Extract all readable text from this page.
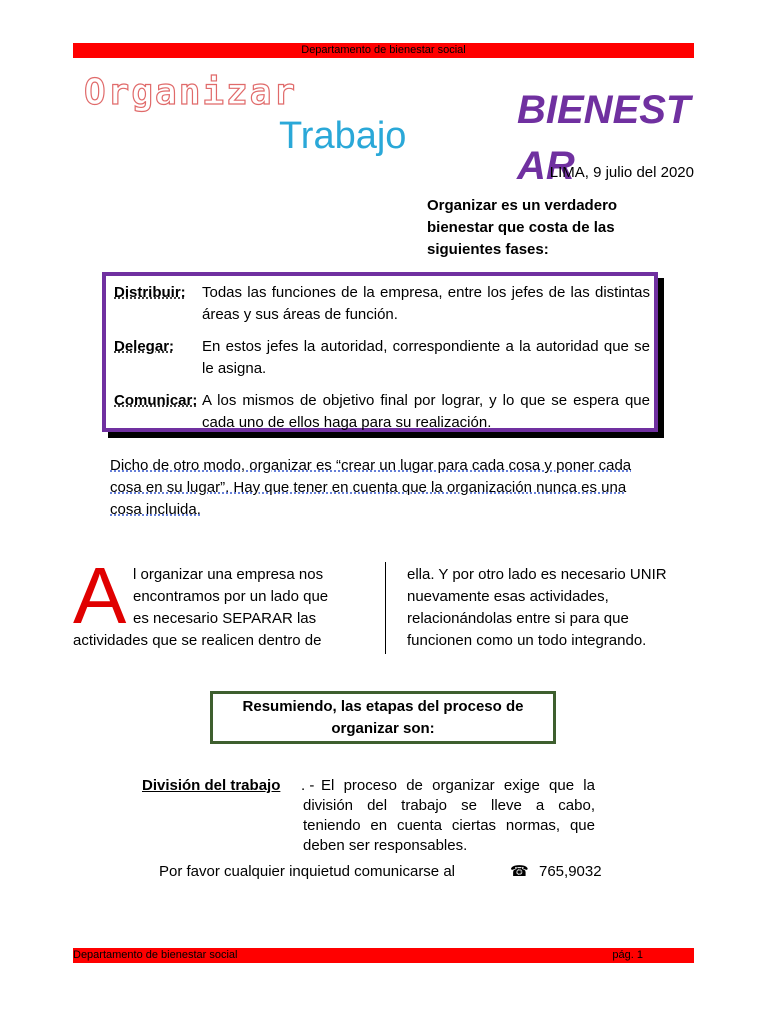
Departamento de bienestar social
Organizar
Trabajo
BIENESTAR
LIMA, 9 julio del 2020
Organizar es un verdadero bienestar que costa de las siguientes fases:
Distribuir:	Todas las funciones de la empresa, entre los jefes de las distintas áreas y sus áreas de función.
Delegar:	En estos jefes la autoridad, correspondiente a la autoridad que se le asigna.
Comunicar: A los mismos de objetivo final por lograr, y lo que se espera que cada uno de ellos haga para su realización.
Dicho de otro modo, organizar es “crear un lugar para cada cosa y poner cada cosa en su lugar”. Hay que tener en cuenta que la organización nunca es una cosa incluida.
A l organizar una empresa nos
encontramos por un lado que
es necesario SEPARAR las
actividades que se realicen dentro de
ella. Y por otro lado es necesario UNIR nuevamente esas actividades, relacionándolas entre si para que funcionen como un todo integrando.
Resumiendo, las etapas del proceso de organizar son:
División del trabajo . - El proceso de organizar exige que la división del trabajo se lleve a cabo, teniendo en cuenta ciertas normas, que deben ser responsables.
Por favor cualquier inquietud comunicarse al	☎ 765,9032
Departamento de bienestar social	pág. 1
